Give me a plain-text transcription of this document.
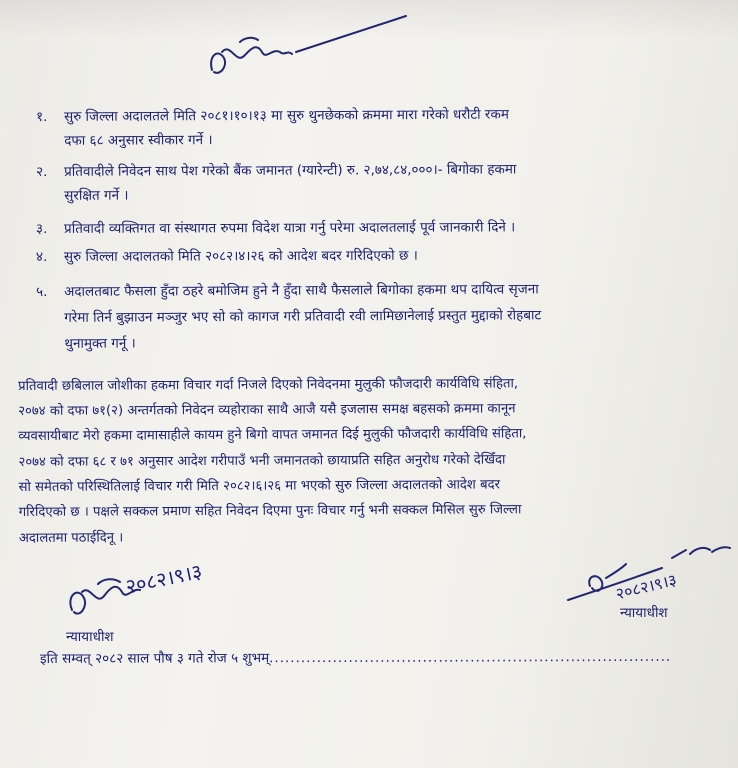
१. सुरु जिल्ला अदालतले मिति २०८१।१०।१३ मा सुरु थुनछेकको क्रममा मारा गरेको धरौटी रकम
दफा ६८ अनुसार स्वीकार गर्ने ।
२. प्रतिवादीले निवेदन साथ पेश गरेको बैंक जमानत (ग्यारेन्टी) रु. २,७४,८४,०००।- बिगोका हकमा
सुरक्षित गर्ने ।
३. प्रतिवादी व्यक्तिगत वा संस्थागत रुपमा विदेश यात्रा गर्नु परेमा अदालतलाई पूर्व जानकारी दिने ।
४. सुरु जिल्ला अदालतको मिति २०८२।४।२६ को आदेश बदर गरिदिएको छ ।
५. अदालतबाट फैसला हुँदा ठहरे बमोजिम हुने नै हुँदा साथै फैसलाले बिगोका हकमा थप दायित्व सृजना
गरेमा तिर्न बुझाउन मञ्जुर भए सो को कागज गरी प्रतिवादी रवी लामिछानेलाई प्रस्तुत मुद्दाको रोहबाट
थुनामुक्त गर्नू ।
प्रतिवादी छबिलाल जोशीका हकमा विचार गर्दा निजले दिएको निवेदनमा मुलुकी फौजदारी कार्यविधि संहिता,
२०७४ को दफा ७१(२) अन्तर्गतको निवेदन व्यहोराका साथै आजै यसै इजलास समक्ष बहसको क्रममा कानून
व्यवसायीबाट मेरो हकमा दामासाहीले कायम हुने बिगो वापत जमानत दिई मुलुकी फौजदारी कार्यविधि संहिता,
२०७४ को दफा ६८ र ७१ अनुसार आदेश गरीपाउँ भनी जमानतको छायाप्रति सहित अनुरोध गरेको देखिँदा
सो समेतको परिस्थितिलाई विचार गरी मिति २०८२।६।२६ मा भएको सुरु जिल्ला अदालतको आदेश बदर
गरिदिएको छ । पक्षले सक्कल प्रमाण सहित निवेदन दिएमा पुनः विचार गर्नु भनी सक्कल मिसिल सुरु जिल्ला
अदालतमा पठाईदिनू ।
२०८२।९।३
न्यायाधीश
२०८२।९।३
न्यायाधीश
इति सम्वत् २०८२ साल पौष ३ गते रोज ५ शुभम्............................................................................
